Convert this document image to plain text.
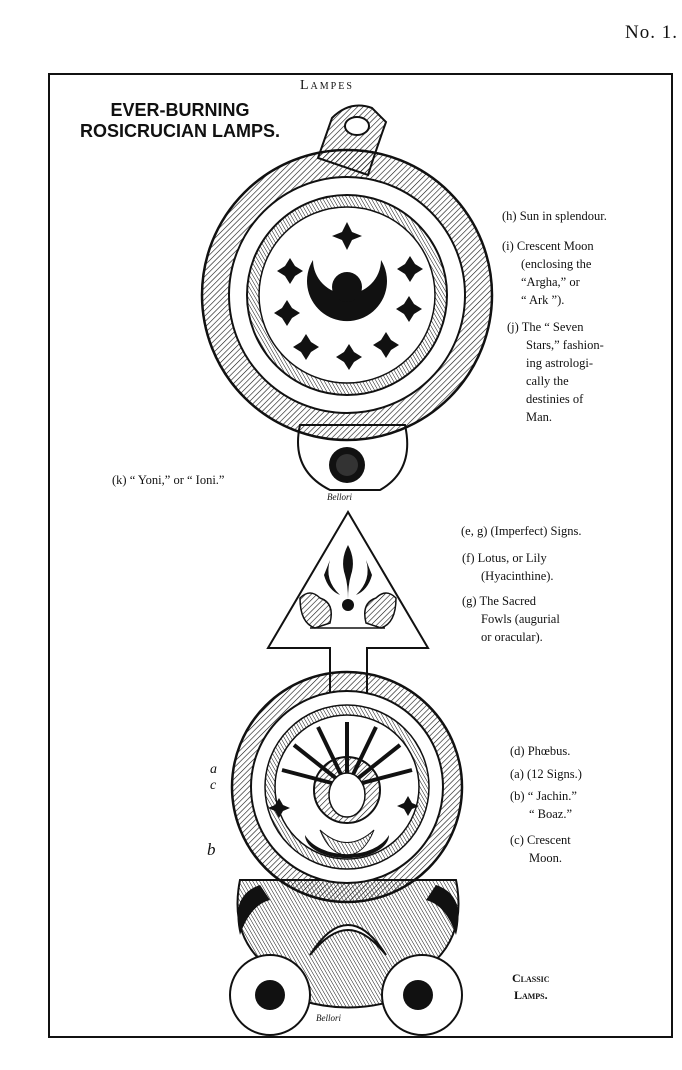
No. 1.
Lampes
EVER-BURNING
ROSICRUCIAN LAMPS.
(h) Sun in splendour.
(i) Crescent Moon
(enclosing the
“Argha,” or
“ Ark ”).
(j) The “ Seven
Stars,” fashion-
ing astrologi-
cally the
destinies of
Man.
(k) “ Yoni,” or “ Ioni.”
Bellori
(e, g) (Imperfect) Signs.
(f) Lotus, or Lily
(Hyacinthine).
(g) The Sacred
Fowls (augurial
or oracular).
(d) Phœbus.
(a) (12 Signs.)
(b) “ Jachin.”
“ Boaz.”
(c) Crescent
Moon.
a
c
b
Classic
Lamps.
Bellori
